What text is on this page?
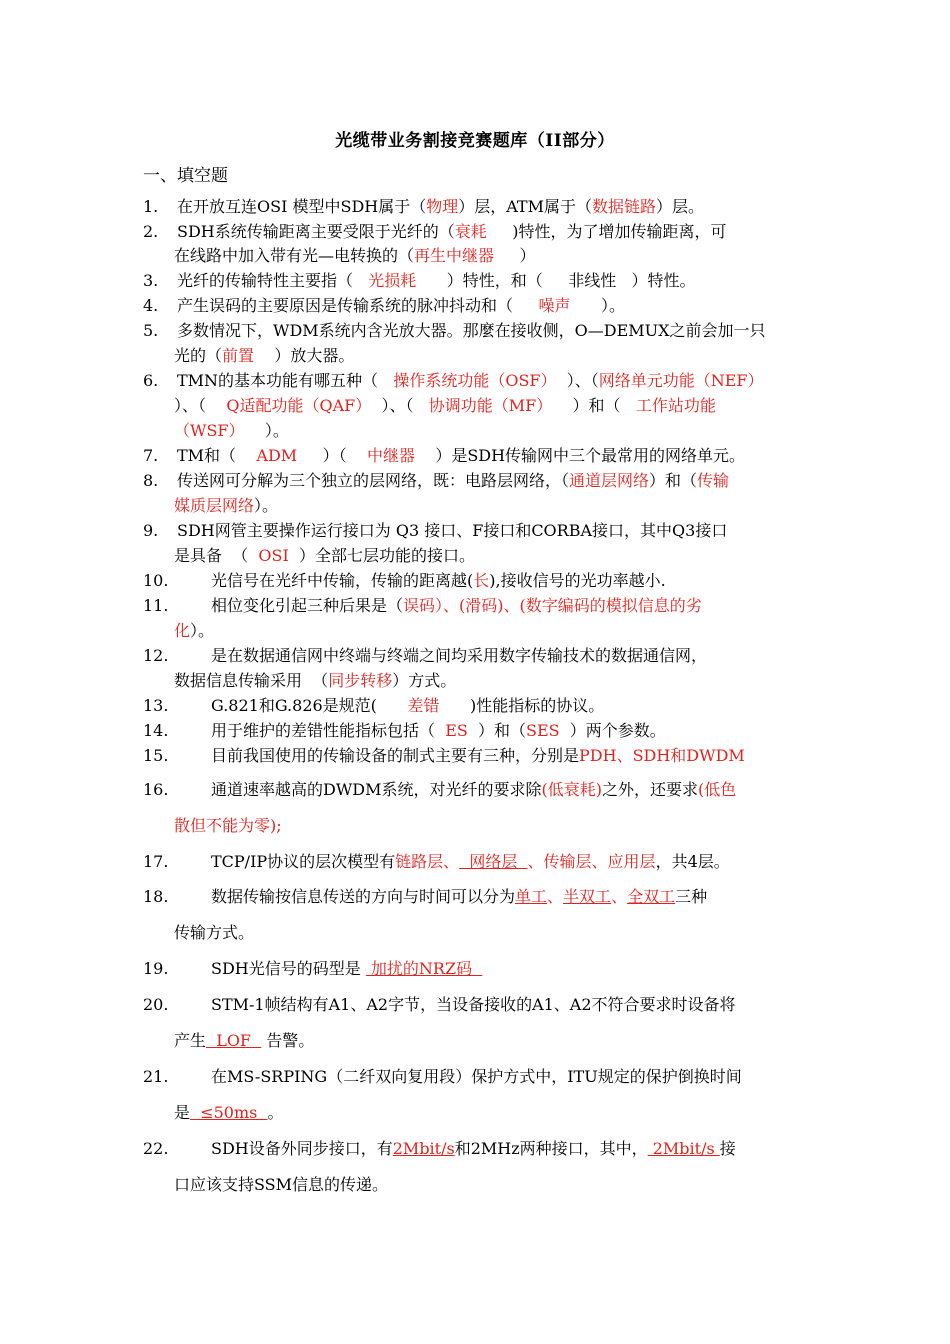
光缆带业务割接竞赛题库（II部分）
一、填空题
1. 在开放互连OSI 模型中SDH属于（物理）层，ATM属于（数据链路）层。
2. SDH系统传输距离主要受限于光纤的（衰耗     )特性，为了增加传输距离，可
在线路中加入带有光—电转换的（再生中继器     ）
3. 光纤的传输特性主要指（   光损耗      ）特性，和（     非线性   ）特性。
4. 产生误码的主要原因是传输系统的脉冲抖动和（     噪声      ）。
5. 多数情况下，WDM系统内含光放大器。那麼在接收侧，O—DEMUX之前会加一只
光的（前置    ）放大器。
6. TMN的基本功能有哪五种（   操作系统功能（OSF）  ）、（网络单元功能（NEF）
）、（    Q适配功能（QAF）  ）、（   协调功能（MF）    ）和（   工作站功能
（WSF）    ）。
7. TM和（    ADM     ）（    中继器    ）是SDH传输网中三个最常用的网络单元。
8. 传送网可分解为三个独立的层网络，既：电路层网络，（通道层网络）和（传输
媒质层网络）。
9. SDH网管主要操作运行接口为 Q3 接口、F接口和CORBA接口，其中Q3接口
是具备  （  OSI  ）全部七层功能的接口。
10.	光信号在光纤中传输，传输的距离越(长),接收信号的光功率越小.
11.	相位变化引起三种后果是（误码）、(滑码)、(数字编码的模拟信息的劣
化）。
12.	是在数据通信网中终端与终端之间均采用数字传输技术的数据通信网，
数据信息传输采用  （同步转移）方式。
13.	G.821和G.826是规范(      差错      )性能指标的协议。
14.	用于维护的差错性能指标包括（  ES  ）和（SES  ）两个参数。
15.	目前我国使用的传输设备的制式主要有三种，分别是PDH、SDH和DWDM
16.	通道速率越高的DWDM系统，对光纤的要求除(低衰耗)之外，还要求(低色
散但不能为零);
17.	TCP/IP协议的层次模型有链路层、  网络层  、传输层、应用层，共4层。
18.	数据传输按信息传送的方向与时间可以分为单工、半双工、全双工三种
传输方式。
19.	SDH光信号的码型是  加扰的NRZ码
20.	STM-1帧结构有A1、A2字节，当设备接收的A1、A2不符合要求时设备将
产生  LOF   告警。
21.	在MS-SRPING（二纤双向复用段）保护方式中，ITU规定的保护倒换时间
是  ≤50ms  。
22.	SDH设备外同步接口，有2Mbit/s和2MHz两种接口，其中， 2Mbit/s 接
口应该支持SSM信息的传递。
